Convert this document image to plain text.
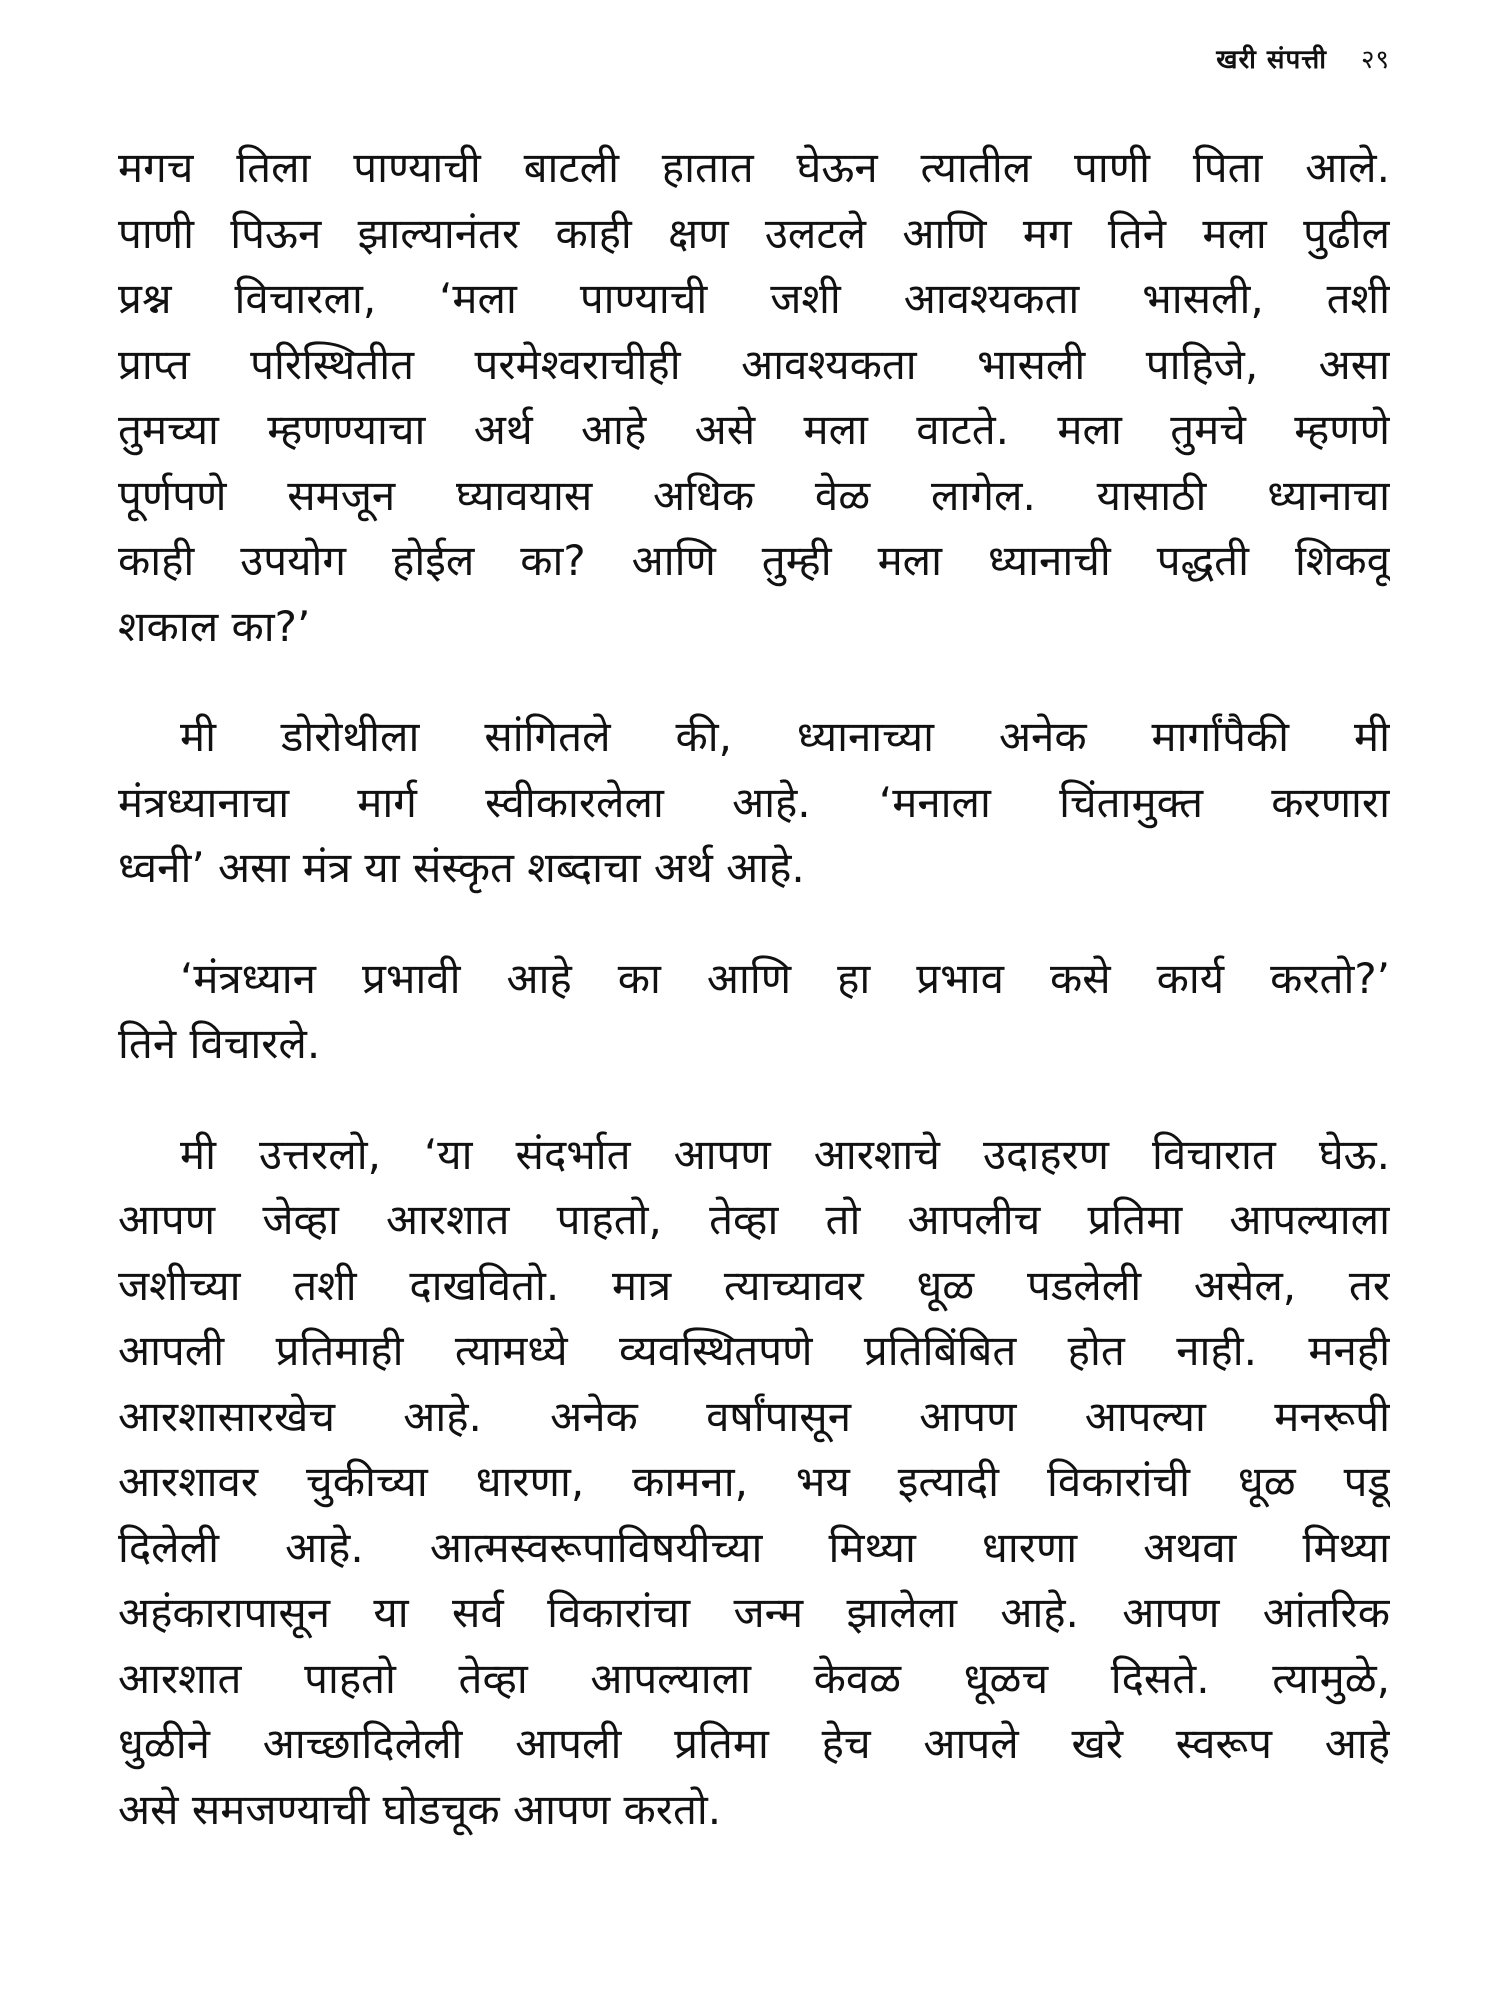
खरी संपत्ती २९
मगच तिला पाण्याची बाटली हातात घेऊन त्यातील पाणी पिता आले.
पाणी पिऊन झाल्यानंतर काही क्षण उलटले आणि मग तिने मला पुढील
प्रश्न विचारला, ‘मला पाण्याची जशी आवश्यकता भासली, तशी
प्राप्त परिस्थितीत परमेश्वराचीही आवश्यकता भासली पाहिजे, असा
तुमच्या म्हणण्याचा अर्थ आहे असे मला वाटते. मला तुमचे म्हणणे
पूर्णपणे समजून घ्यावयास अधिक वेळ लागेल. यासाठी ध्यानाचा
काही उपयोग होईल का? आणि तुम्ही मला ध्यानाची पद्धती शिकवू
शकाल का?’
मी डोरोथीला सांगितले की, ध्यानाच्या अनेक मार्गांपैकी मी
मंत्रध्यानाचा मार्ग स्वीकारलेला आहे. ‘मनाला चिंतामुक्त करणारा
ध्वनी’ असा मंत्र या संस्कृत शब्दाचा अर्थ आहे.
‘मंत्रध्यान प्रभावी आहे का आणि हा प्रभाव कसे कार्य करतो?’
तिने विचारले.
मी उत्तरलो, ‘या संदर्भात आपण आरशाचे उदाहरण विचारात घेऊ.
आपण जेव्हा आरशात पाहतो, तेव्हा तो आपलीच प्रतिमा आपल्याला
जशीच्या तशी दाखवितो. मात्र त्याच्यावर धूळ पडलेली असेल, तर
आपली प्रतिमाही त्यामध्ये व्यवस्थितपणे प्रतिबिंबित होत नाही. मनही
आरशासारखेच आहे. अनेक वर्षांपासून आपण आपल्या मनरूपी
आरशावर चुकीच्या धारणा, कामना, भय इत्यादी विकारांची धूळ पडू
दिलेली आहे. आत्मस्वरूपाविषयीच्या मिथ्या धारणा अथवा मिथ्या
अहंकारापासून या सर्व विकारांचा जन्म झालेला आहे. आपण आंतरिक
आरशात पाहतो तेव्हा आपल्याला केवळ धूळच दिसते. त्यामुळे,
धुळीने आच्छादिलेली आपली प्रतिमा हेच आपले खरे स्वरूप आहे
असे समजण्याची घोडचूक आपण करतो.
